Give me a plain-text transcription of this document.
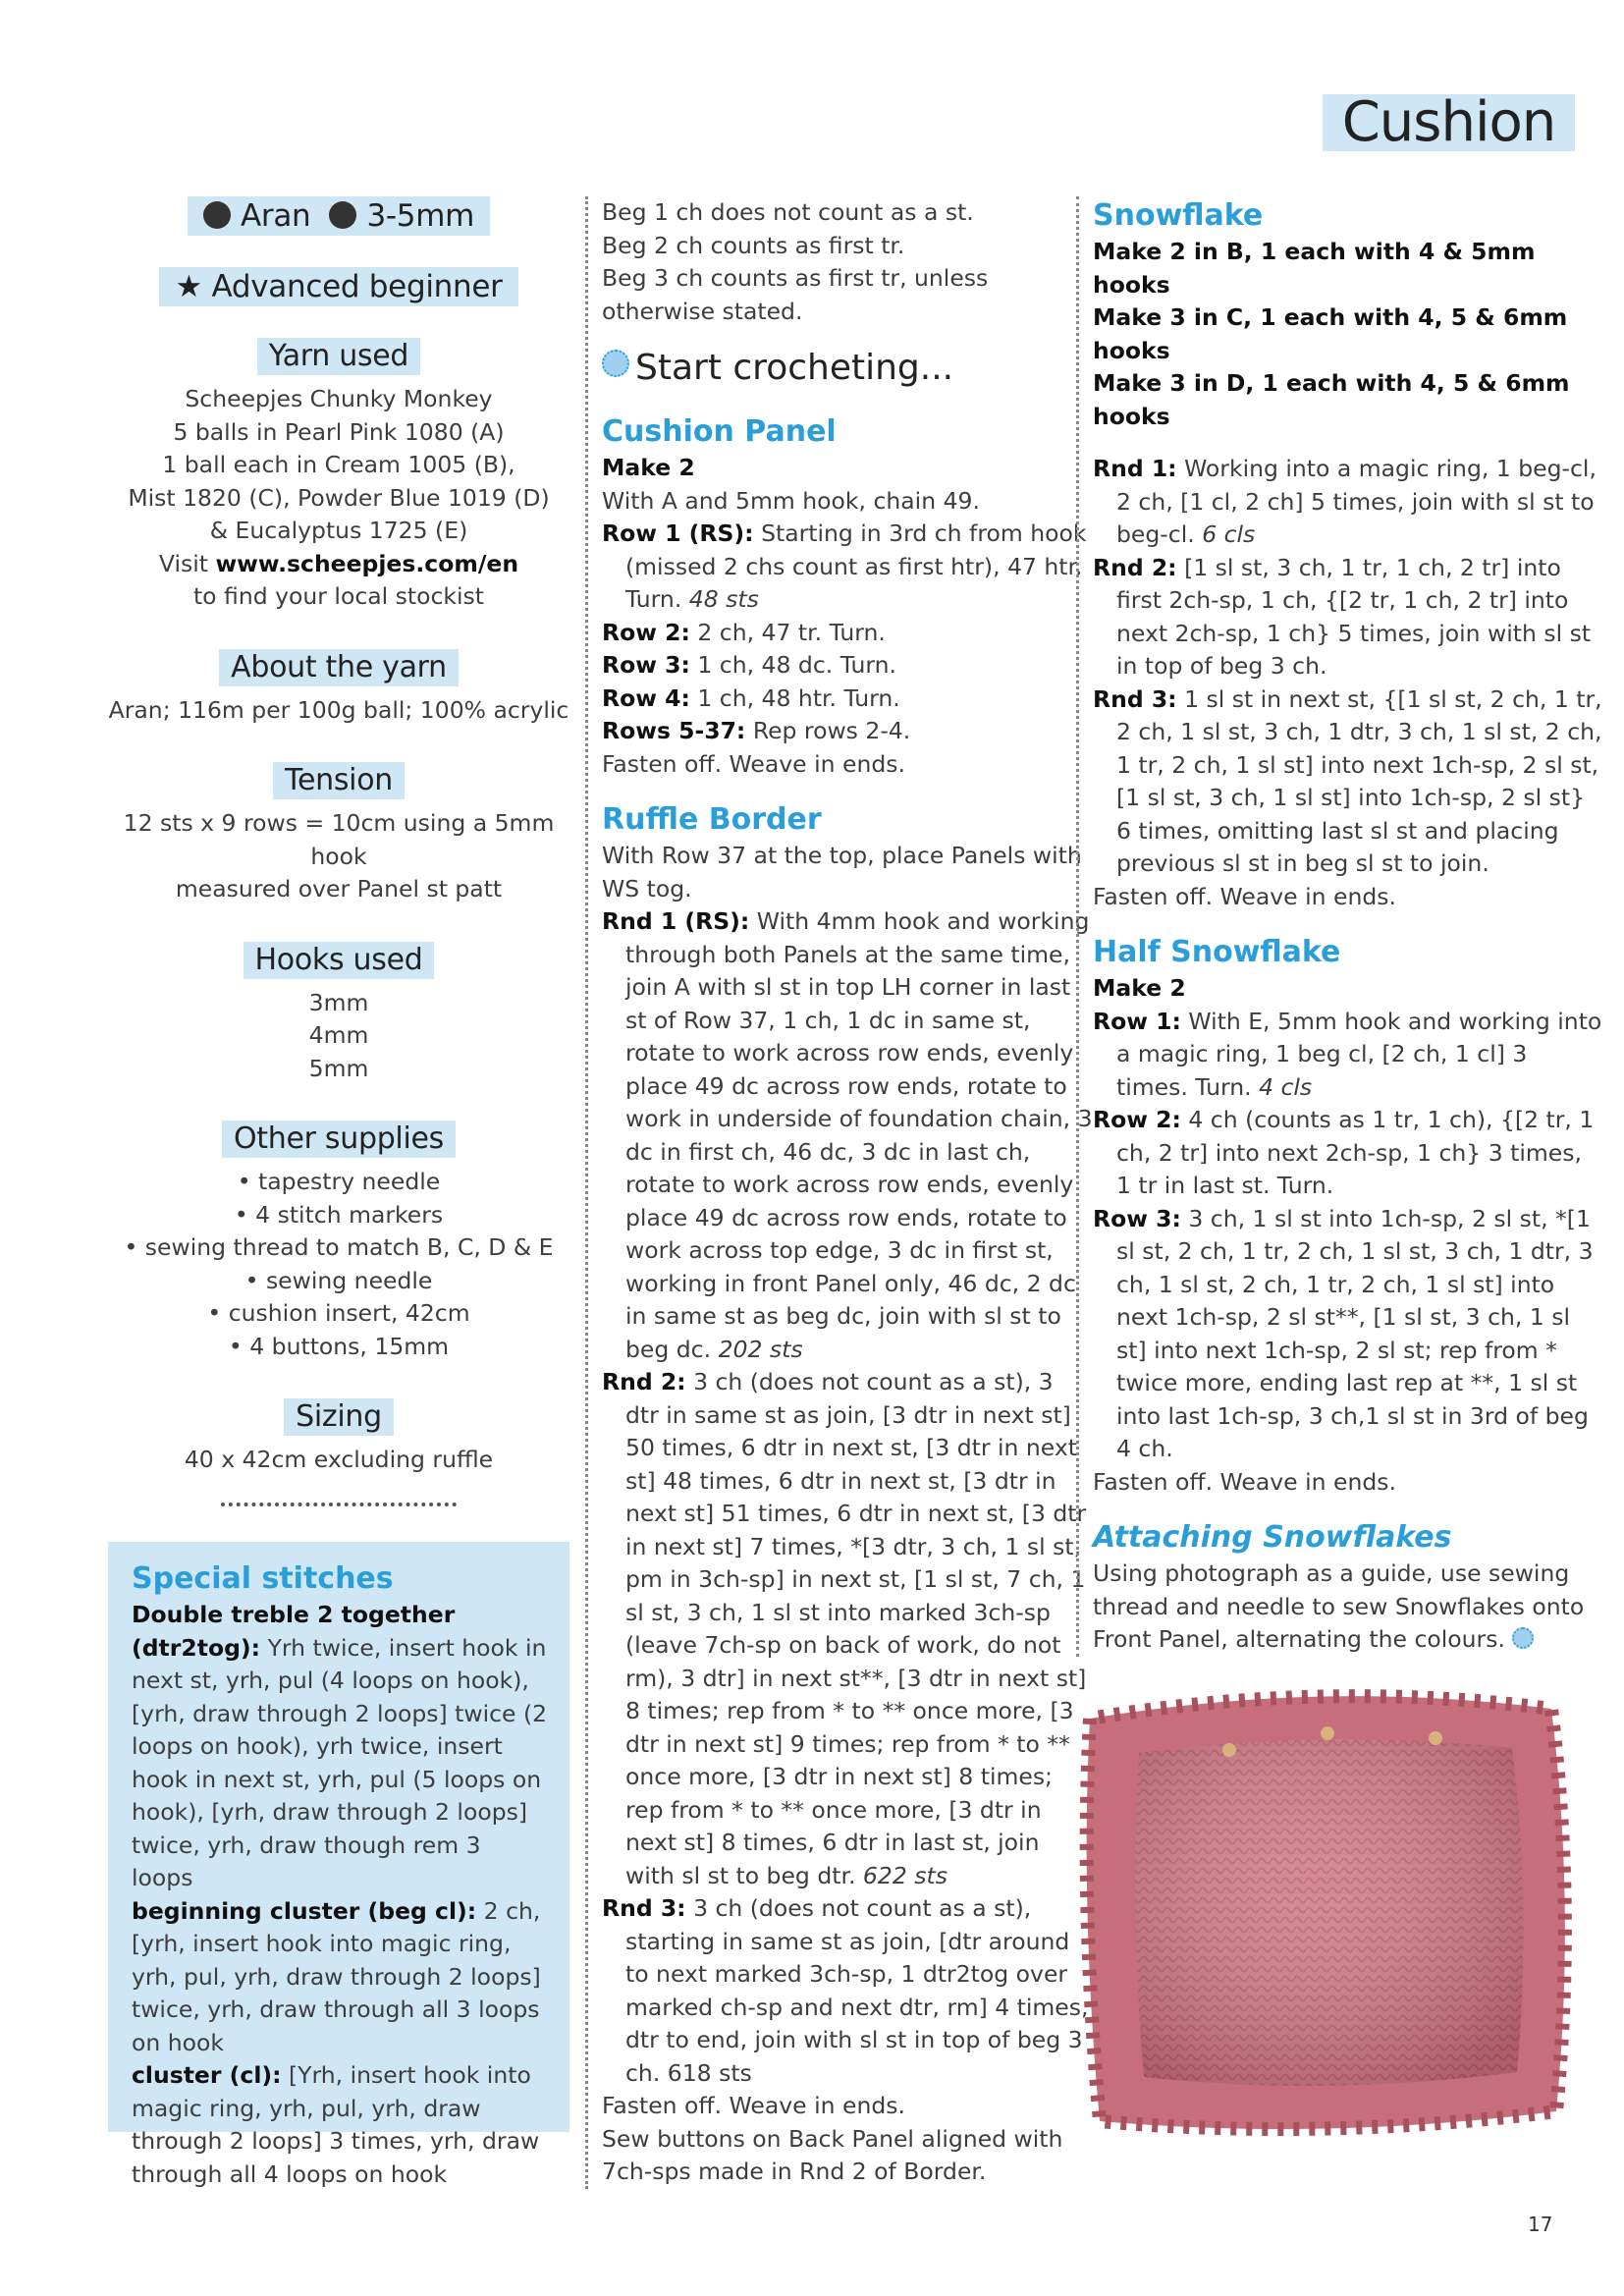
Cushion
Aran 3-5mm
★ Advanced beginner
Yarn used

Scheepjes Chunky Monkey
5 balls in Pearl Pink 1080 (A)
1 ball each in Cream 1005 (B),
Mist 1820 (C), Powder Blue 1019 (D)
& Eucalyptus 1725 (E)
Visit www.scheepjes.com/en
to find your local stockist

About the yarn

Aran; 116m per 100g ball; 100% acrylic

Tension

12 sts x 9 rows = 10cm using a 5mm hook
measured over Panel st patt

Hooks used

3mm
4mm
5mm

Other supplies

• tapestry needle
• 4 stitch markers
• sewing thread to match B, C, D & E
• sewing needle
• cushion insert, 42cm
• 4 buttons, 15mm

Sizing

40 x 42cm excluding ruffle

Special stitches
Double treble 2 together (dtr2tog): Yrh twice, insert hook in next st, yrh, pul (4 loops on hook), [yrh, draw through 2 loops] twice (2 loops on hook), yrh twice, insert hook in next st, yrh, pul (5 loops on hook), [yrh, draw through 2 loops] twice, yrh, draw though rem 3 loops
beginning cluster (beg cl): 2 ch, [yrh, insert hook into magic ring, yrh, pul, yrh, draw through 2 loops] twice, yrh, draw through all 3 loops on hook
cluster (cl): [Yrh, insert hook into magic ring, yrh, pul, yrh, draw through 2 loops] 3 times, yrh, draw through all 4 loops on hook
Beg 1 ch does not count as a st.
Beg 2 ch counts as first tr.
Beg 3 ch counts as first tr, unless otherwise stated.
Start crocheting...
Cushion Panel
Make 2
With A and 5mm hook, chain 49.
Row 1 (RS): Starting in 3rd ch from hook (missed 2 chs count as first htr), 47 htr. Turn. 48 sts
Row 2: 2 ch, 47 tr. Turn.
Row 3: 1 ch, 48 dc. Turn.
Row 4: 1 ch, 48 htr. Turn.
Rows 5-37: Rep rows 2-4.
Fasten off. Weave in ends.
Ruffle Border
With Row 37 at the top, place Panels with WS tog.
Rnd 1 (RS): With 4mm hook and working through both Panels at the same time, join A with sl st in top LH corner in last st of Row 37, 1 ch, 1 dc in same st, rotate to work across row ends, evenly place 49 dc across row ends, rotate to work in underside of foundation chain, 3 dc in first ch, 46 dc, 3 dc in last ch, rotate to work across row ends, evenly place 49 dc across row ends, rotate to work across top edge, 3 dc in first st, working in front Panel only, 46 dc, 2 dc in same st as beg dc, join with sl st to beg dc. 202 sts
Rnd 2: 3 ch (does not count as a st), 3 dtr in same st as join, [3 dtr in next st] 50 times, 6 dtr in next st, [3 dtr in next st] 48 times, 6 dtr in next st, [3 dtr in next st] 51 times, 6 dtr in next st, [3 dtr in next st] 7 times, *[3 dtr, 3 ch, 1 sl st, pm in 3ch-sp] in next st, [1 sl st, 7 ch, 1 sl st, 3 ch, 1 sl st into marked 3ch-sp (leave 7ch-sp on back of work, do not rm), 3 dtr] in next st**, [3 dtr in next st] 8 times; rep from * to ** once more, [3 dtr in next st] 9 times; rep from * to ** once more, [3 dtr in next st] 8 times; rep from * to ** once more, [3 dtr in next st] 8 times, 6 dtr in last st, join with sl st to beg dtr. 622 sts
Rnd 3: 3 ch (does not count as a st), starting in same st as join, [dtr around to next marked 3ch-sp, 1 dtr2tog over marked ch-sp and next dtr, rm] 4 times, dtr to end, join with sl st in top of beg 3 ch. 618 sts
Fasten off. Weave in ends.
Sew buttons on Back Panel aligned with 7ch-sps made in Rnd 2 of Border.
Snowflake
Make 2 in B, 1 each with 4 & 5mm hooks
Make 3 in C, 1 each with 4, 5 & 6mm hooks
Make 3 in D, 1 each with 4, 5 & 6mm hooks
Rnd 1: Working into a magic ring, 1 beg-cl, 2 ch, [1 cl, 2 ch] 5 times, join with sl st to beg-cl. 6 cls
Rnd 2: [1 sl st, 3 ch, 1 tr, 1 ch, 2 tr] into first 2ch-sp, 1 ch, {[2 tr, 1 ch, 2 tr] into next 2ch-sp, 1 ch} 5 times, join with sl st in top of beg 3 ch.
Rnd 3: 1 sl st in next st, {[1 sl st, 2 ch, 1 tr, 2 ch, 1 sl st, 3 ch, 1 dtr, 3 ch, 1 sl st, 2 ch, 1 tr, 2 ch, 1 sl st] into next 1ch-sp, 2 sl st, [1 sl st, 3 ch, 1 sl st] into 1ch-sp, 2 sl st} 6 times, omitting last sl st and placing previous sl st in beg sl st to join.
Fasten off. Weave in ends.
Half Snowflake
Make 2
Row 1: With E, 5mm hook and working into a magic ring, 1 beg cl, [2 ch, 1 cl] 3 times. Turn. 4 cls
Row 2: 4 ch (counts as 1 tr, 1 ch), {[2 tr, 1 ch, 2 tr] into next 2ch-sp, 1 ch} 3 times, 1 tr in last st. Turn.
Row 3: 3 ch, 1 sl st into 1ch-sp, 2 sl st, *[1 sl st, 2 ch, 1 tr, 2 ch, 1 sl st, 3 ch, 1 dtr, 3 ch, 1 sl st, 2 ch, 1 tr, 2 ch, 1 sl st] into next 1ch-sp, 2 sl st**, [1 sl st, 3 ch, 1 sl st] into next 1ch-sp, 2 sl st; rep from * twice more, ending last rep at **, 1 sl st into last 1ch-sp, 3 ch,1 sl st in 3rd of beg 4 ch.
Fasten off. Weave in ends.
Attaching Snowflakes
Using photograph as a guide, use sewing thread and needle to sew Snowflakes onto Front Panel, alternating the colours.
17
